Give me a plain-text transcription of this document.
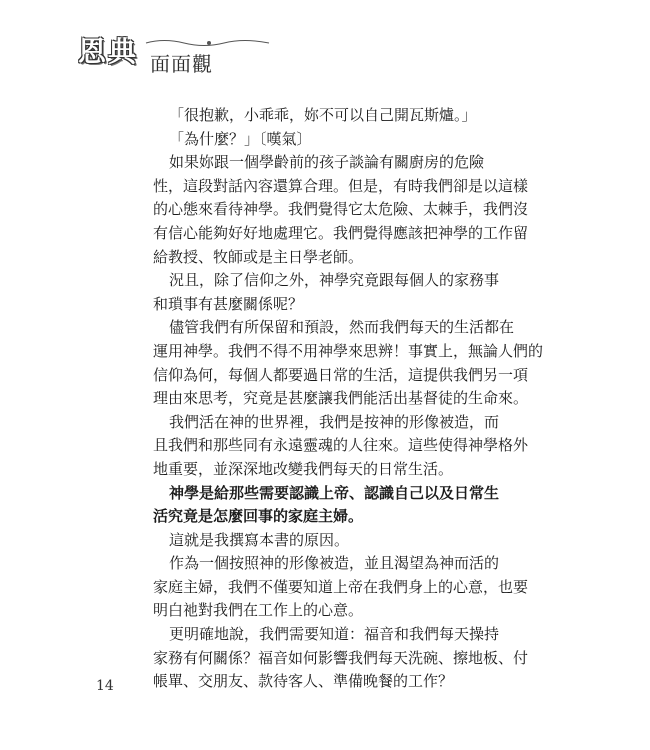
恩典 面面觀
「很抱歉，小乖乖，妳不可以自己開瓦斯爐。」
「為什麼？」〔嘆氣〕
如果妳跟一個學齡前的孩子談論有關廚房的危險
性，這段對話內容還算合理。但是，有時我們卻是以這樣
的心態來看待神學。我們覺得它太危險、太棘手，我們沒
有信心能夠好好地處理它。我們覺得應該把神學的工作留
給教授、牧師或是主日學老師。
況且，除了信仰之外，神學究竟跟每個人的家務事
和瑣事有甚麼關係呢？
儘管我們有所保留和預設，然而我們每天的生活都在
運用神學。我們不得不用神學來思辨！事實上，無論人們的
信仰為何，每個人都要過日常的生活，這提供我們另一項
理由來思考，究竟是甚麼讓我們能活出基督徒的生命來。
我們活在神的世界裡，我們是按神的形像被造，而
且我們和那些同有永遠靈魂的人往來。這些使得神學格外
地重要，並深深地改變我們每天的日常生活。
神學是給那些需要認識上帝、認識自己以及日常生
活究竟是怎麼回事的家庭主婦。
這就是我撰寫本書的原因。
作為一個按照神的形像被造，並且渴望為神而活的
家庭主婦，我們不僅要知道上帝在我們身上的心意，也要
明白祂對我們在工作上的心意。
更明確地說，我們需要知道：福音和我們每天操持
家務有何關係？福音如何影響我們每天洗碗、擦地板、付
帳單、交朋友、款待客人、準備晚餐的工作？
14
